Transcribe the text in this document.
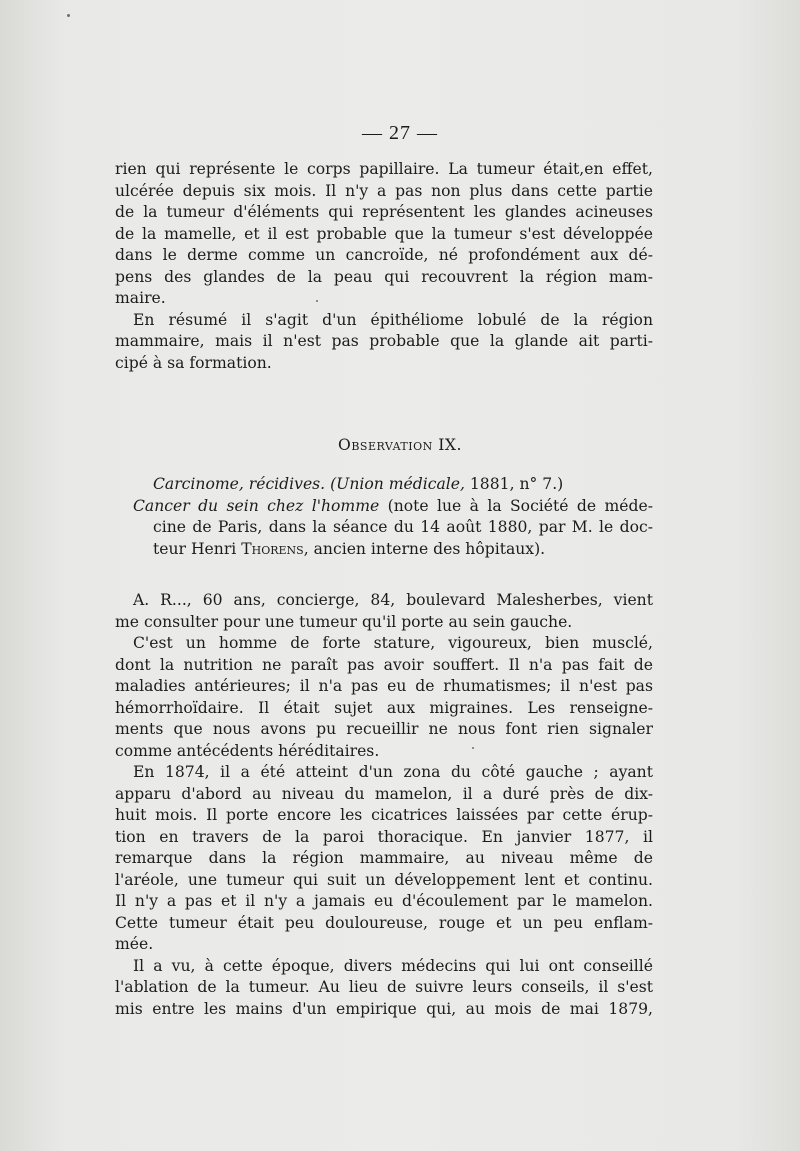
— 27 —
rien qui représente le corps papillaire. La tumeur était,en effet,
ulcérée depuis six mois. Il n'y a pas non plus dans cette partie
de la tumeur d'éléments qui représentent les glandes acineuses
de la mamelle, et il est probable que la tumeur s'est développée
dans le derme comme un cancroïde, né profondément aux dé-
pens des glandes de la peau qui recouvrent la région mam-
maire.
En résumé il s'agit d'un épithéliome lobulé de la région
mammaire, mais il n'est pas probable que la glande ait parti-
cipé à sa formation.
Observation IX.
Carcinome, récidives. (Union médicale, 1881, n° 7.)
Cancer du sein chez l'homme (note lue à la Société de méde-
cine de Paris, dans la séance du 14 août 1880, par M. le doc-
teur Henri Thorens, ancien interne des hôpitaux).
A. R..., 60 ans, concierge, 84, boulevard Malesherbes, vient
me consulter pour une tumeur qu'il porte au sein gauche.
C'est un homme de forte stature, vigoureux, bien musclé,
dont la nutrition ne paraît pas avoir souffert. Il n'a pas fait de
maladies antérieures; il n'a pas eu de rhumatismes; il n'est pas
hémorrhoïdaire. Il était sujet aux migraines. Les renseigne-
ments que nous avons pu recueillir ne nous font rien signaler
comme antécédents héréditaires.
En 1874, il a été atteint d'un zona du côté gauche ; ayant
apparu d'abord au niveau du mamelon, il a duré près de dix-
huit mois. Il porte encore les cicatrices laissées par cette érup-
tion en travers de la paroi thoracique. En janvier 1877, il
remarque dans la région mammaire, au niveau même de
l'aréole, une tumeur qui suit un développement lent et continu.
Il n'y a pas et il n'y a jamais eu d'écoulement par le mamelon.
Cette tumeur était peu douloureuse, rouge et un peu enflam-
mée.
Il a vu, à cette époque, divers médecins qui lui ont conseillé
l'ablation de la tumeur. Au lieu de suivre leurs conseils, il s'est
mis entre les mains d'un empirique qui, au mois de mai 1879,
